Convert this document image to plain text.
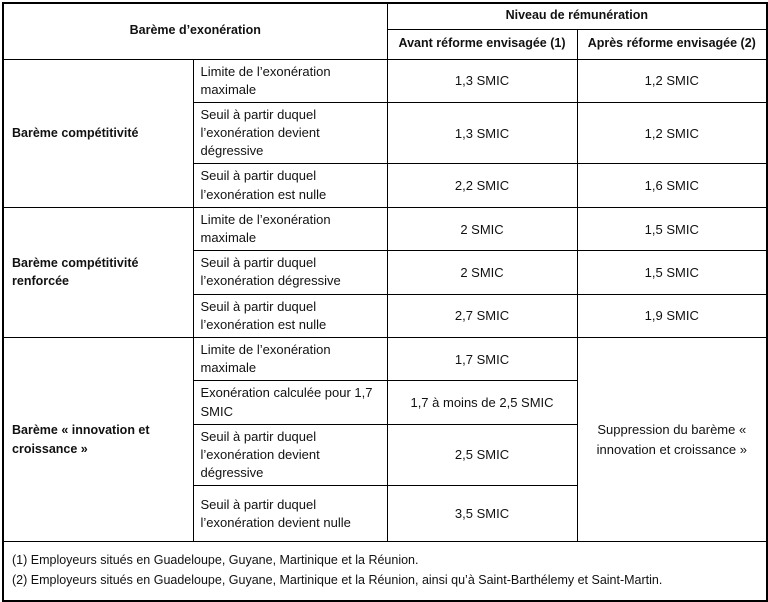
Barème d’exonération		Niveau de rémunération	
		Avant réforme envisagée (1)	Après réforme envisagée (2)
Barème compétitivité	Limite de l’exonération maximale	1,3 SMIC	1,2 SMIC
	Seuil à partir duquel l’exonération devient dégressive	1,3 SMIC	1,2 SMIC
	Seuil à partir duquel l’exonération est nulle	2,2 SMIC	1,6 SMIC
Barème compétitivité renforcée	Limite de l’exonération maximale	2 SMIC	1,5 SMIC
	Seuil à partir duquel l’exonération dégressive	2 SMIC	1,5 SMIC
	Seuil à partir duquel l’exonération est nulle	2,7 SMIC	1,9 SMIC
Barème « innovation et croissance »	Limite de l’exonération maximale	1,7 SMIC	Suppression du barème « innovation et croissance »
	Exonération calculée pour 1,7 SMIC	1,7 à moins de 2,5 SMIC	
	Seuil à partir duquel l’exonération devient dégressive	2,5 SMIC	
	Seuil à partir duquel l’exonération devient nulle	3,5 SMIC	

(1) Employeurs situés en Guadeloupe, Guyane, Martinique et la Réunion.
(2) Employeurs situés en Guadeloupe, Guyane, Martinique et la Réunion, ainsi qu’à Saint-Barthélemy et Saint-Martin.			
